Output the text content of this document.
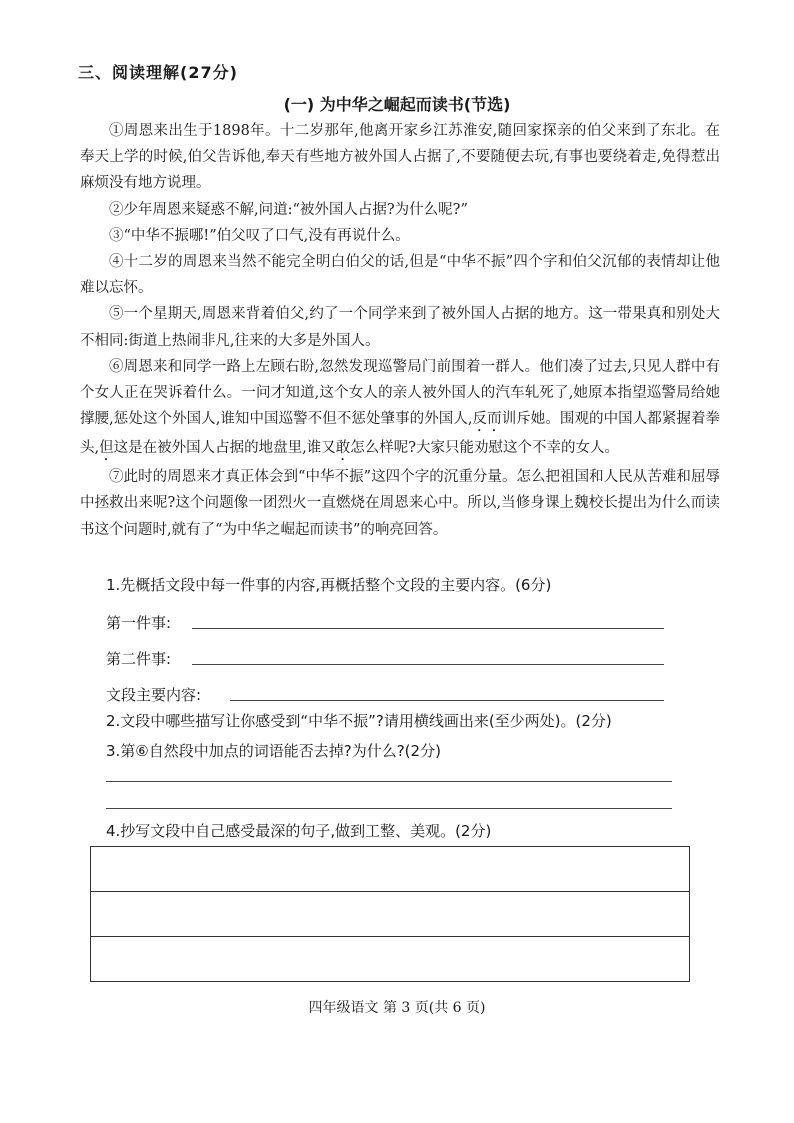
三、阅读理解(27分)
(一) 为中华之崛起而读书(节选)

①周恩来出生于1898年。十二岁那年,他离开家乡江苏淮安,随回家探亲的伯父来到了东北。在奉天上学的时候,伯父告诉他,奉天有些地方被外国人占据了,不要随便去玩,有事也要绕着走,免得惹出麻烦没有地方说理。

②少年周恩来疑惑不解,问道:“被外国人占据?为什么呢?”

③“中华不振哪!”伯父叹了口气,没有再说什么。

④十二岁的周恩来当然不能完全明白伯父的话,但是“中华不振”四个字和伯父沉郁的表情却让他难以忘怀。

⑤一个星期天,周恩来背着伯父,约了一个同学来到了被外国人占据的地方。这一带果真和别处大不相同:街道上热闹非凡,往来的大多是外国人。

⑥周恩来和同学一路上左顾右盼,忽然发现巡警局门前围着一群人。他们凑了过去,只见人群中有个女人正在哭诉着什么。一问才知道,这个女人的亲人被外国人的汽车轧死了,她原本指望巡警局给她撑腰,惩处这个外国人,谁知中国巡警不但不惩处肇事的外国人,反而训斥她。围观的中国人都紧握着拳头,但这是在被外国人占据的地盘里,谁又敢怎么样呢?大家只能劝慰这个不幸的女人。

⑦此时的周恩来才真正体会到“中华不振”这四个字的沉重分量。怎么把祖国和人民从苦难和屈辱中拯救出来呢?这个问题像一团烈火一直燃烧在周恩来心中。所以,当修身课上魏校长提出为什么而读书这个问题时,就有了“为中华之崛起而读书”的响亮回答。

1.先概括文段中每一件事的内容,再概括整个文段的主要内容。(6分)
第一件事:
第二件事:
文段主要内容:
2.文段中哪些描写让你感受到“中华不振”?请用横线画出来(至少两处)。(2分)
3.第⑥自然段中加点的词语能否去掉?为什么?(2分)
4.抄写文段中自己感受最深的句子,做到工整、美观。(2分)
四年级语文 第 3 页(共 6 页)
